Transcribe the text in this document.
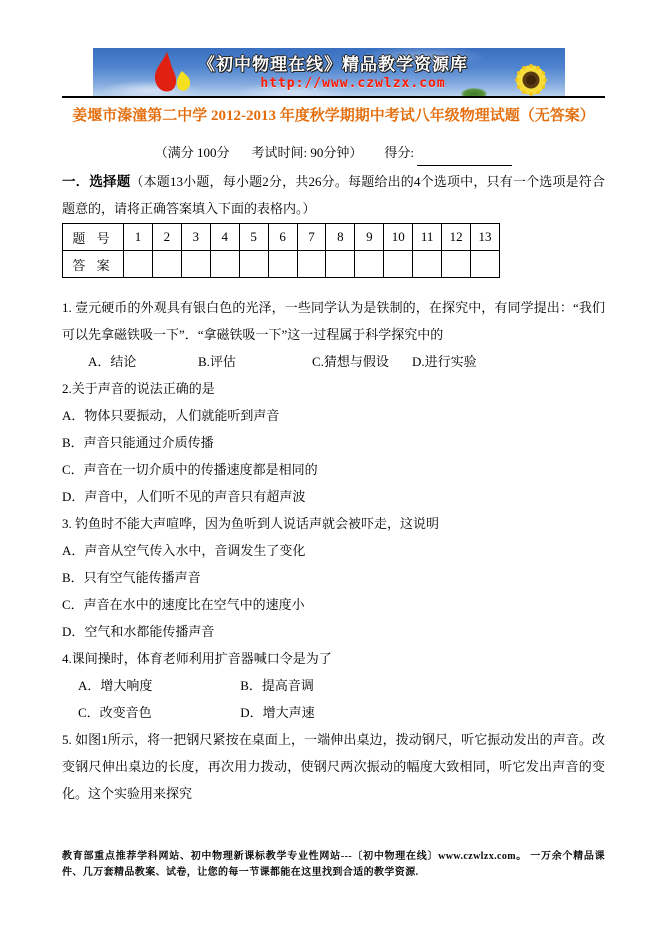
《初中物理在线》精品教学资源库
http://www.czwlzx.com

姜堰市溱潼第二中学 2012-2013 年度秋学期期中考试八年级物理试题（无答案）

（满分 100分 考试时间: 90分钟） 得分:

一．选择题（本题13小题，每小题2分，共26分。每题给出的4个选项中，只有一个选项是符合题意的，请将正确答案填入下面的表格内。）

题 号	1	2	3	4	5	6	7	8	9	10	11	12	13
答 案													

1. 壹元硬币的外观具有银白色的光泽，一些同学认为是铁制的，在探究中，有同学提出：“我们可以先拿磁铁吸一下”．“拿磁铁吸一下”这一过程属于科学探究中的

A．结论	B.评估	C.猜想与假设	D.进行实验

2.关于声音的说法正确的是

A．物体只要振动，人们就能听到声音

B．声音只能通过介质传播

C．声音在一切介质中的传播速度都是相同的

D．声音中，人们听不见的声音只有超声波

3. 钓鱼时不能大声喧哗，因为鱼听到人说话声就会被吓走，这说明

A．声音从空气传入水中，音调发生了变化

B．只有空气能传播声音

C．声音在水中的速度比在空气中的速度小

D．空气和水都能传播声音

4.课间操时，体育老师利用扩音器喊口令是为了

A．增大响度	B．提高音调
C．改变音色	D．增大声速

5. 如图1所示，将一把钢尺紧按在桌面上，一端伸出桌边，拨动钢尺，听它振动发出的声音。改变钢尺伸出桌边的长度，再次用力拨动，使钢尺两次振动的幅度大致相同，听它发出声音的变化。这个实验用来探究

教育部重点推荐学科网站、初中物理新课标教学专业性网站---〔初中物理在线〕www.czwlzx.com。 一万余个精品课件、几万套精品教案、试卷，让您的每一节课都能在这里找到合适的教学资源.
